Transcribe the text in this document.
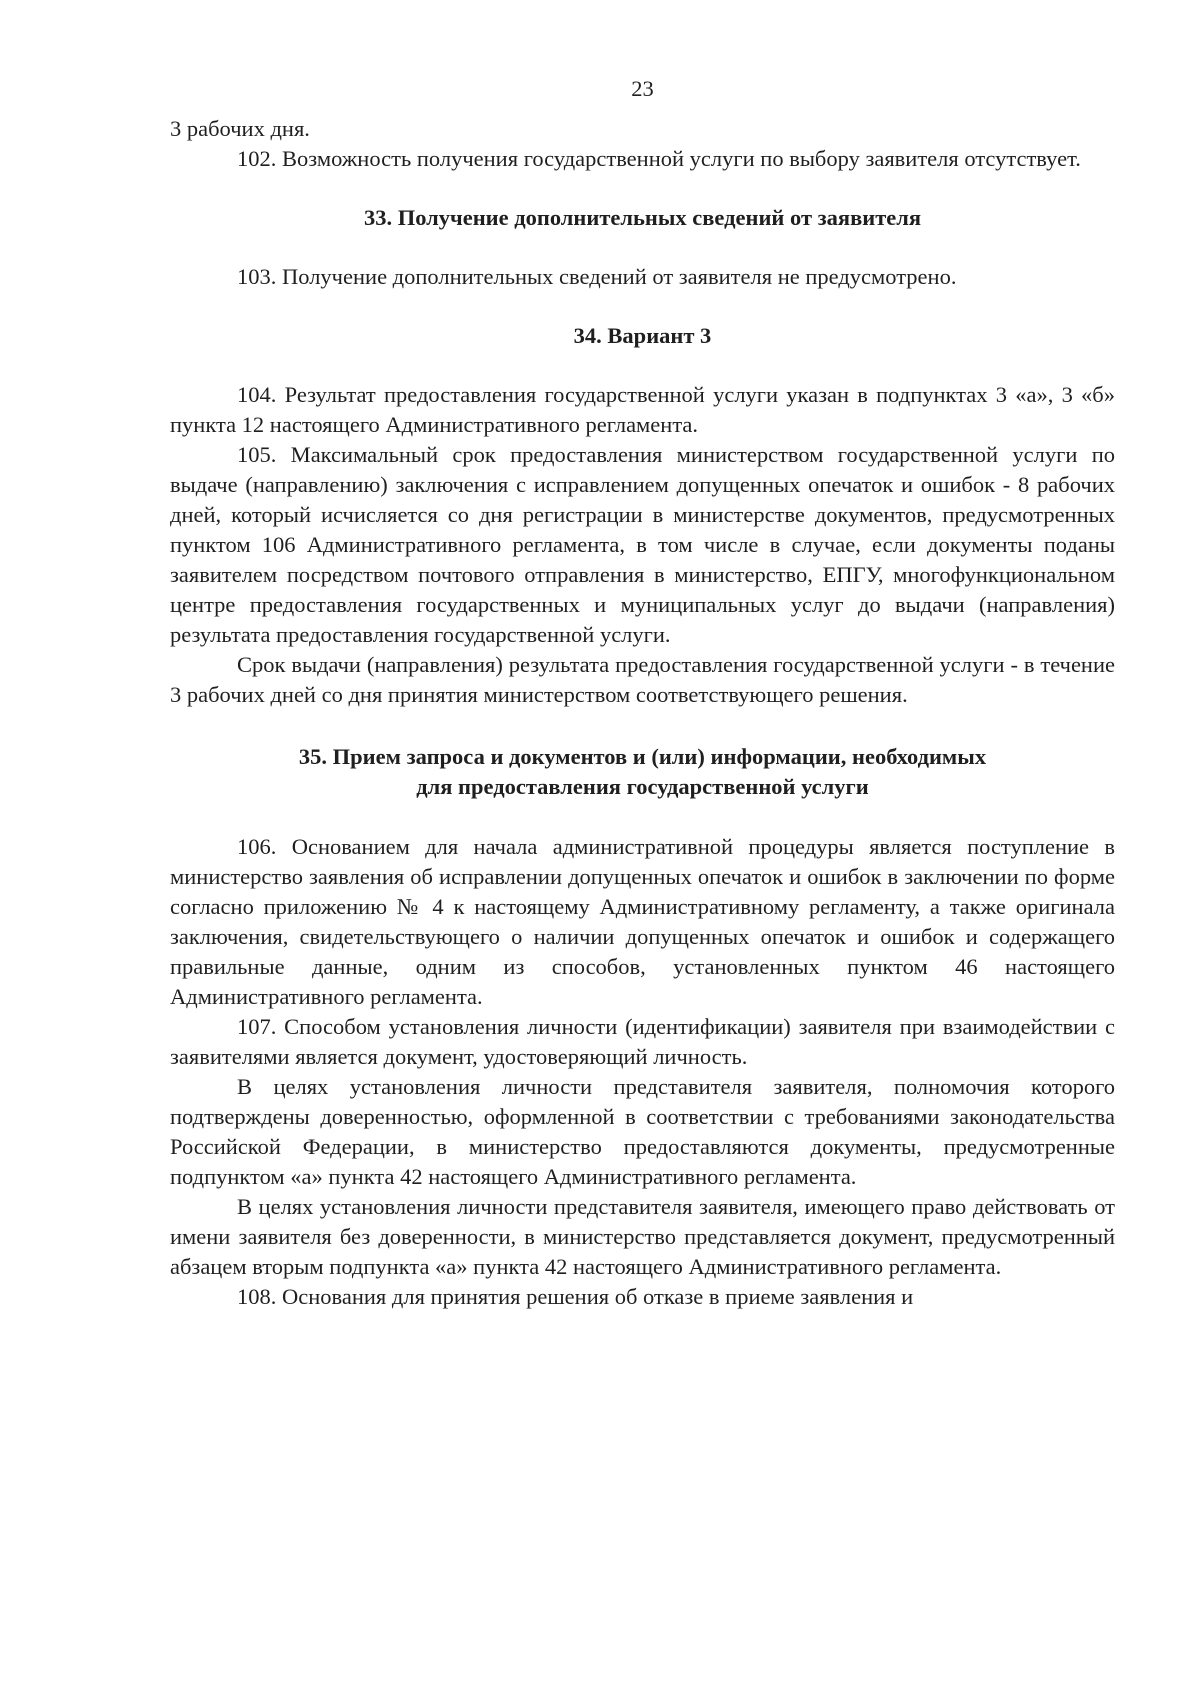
23

3 рабочих дня.

102. Возможность получения государственной услуги по выбору заявителя отсутствует.

33. Получение дополнительных сведений от заявителя

103. Получение дополнительных сведений от заявителя не предусмотрено.

34. Вариант 3

104. Результат предоставления государственной услуги указан в подпунктах 3 «а», 3 «б» пункта 12 настоящего Административного регламента.

105. Максимальный срок предоставления министерством государственной услуги по выдаче (направлению) заключения с исправлением допущенных опечаток и ошибок - 8 рабочих дней, который исчисляется со дня регистрации в министерстве документов, предусмотренных пунктом 106 Административного регламента, в том числе в случае, если документы поданы заявителем посредством почтового отправления в министерство, ЕПГУ, многофункциональном центре предоставления государственных и муниципальных услуг до выдачи (направления) результата предоставления государственной услуги.

Срок выдачи (направления) результата предоставления государственной услуги - в течение 3 рабочих дней со дня принятия министерством соответствующего решения.

35. Прием запроса и документов и (или) информации, необходимых
для предоставления государственной услуги

106. Основанием для начала административной процедуры является поступление в министерство заявления об исправлении допущенных опечаток и ошибок в заключении по форме согласно приложению № 4 к настоящему Административному регламенту, а также оригинала заключения, свидетельствующего о наличии допущенных опечаток и ошибок и содержащего правильные данные, одним из способов, установленных пунктом 46 настоящего Административного регламента.

107. Способом установления личности (идентификации) заявителя при взаимодействии с заявителями является документ, удостоверяющий личность.

В целях установления личности представителя заявителя, полномочия которого подтверждены доверенностью, оформленной в соответствии с требованиями законодательства Российской Федерации, в министерство предоставляются документы, предусмотренные подпунктом «а» пункта 42 настоящего Административного регламента.

В целях установления личности представителя заявителя, имеющего право действовать от имени заявителя без доверенности, в министерство представляется документ, предусмотренный абзацем вторым подпункта «а» пункта 42 настоящего Административного регламента.

108. Основания для принятия решения об отказе в приеме заявления и
